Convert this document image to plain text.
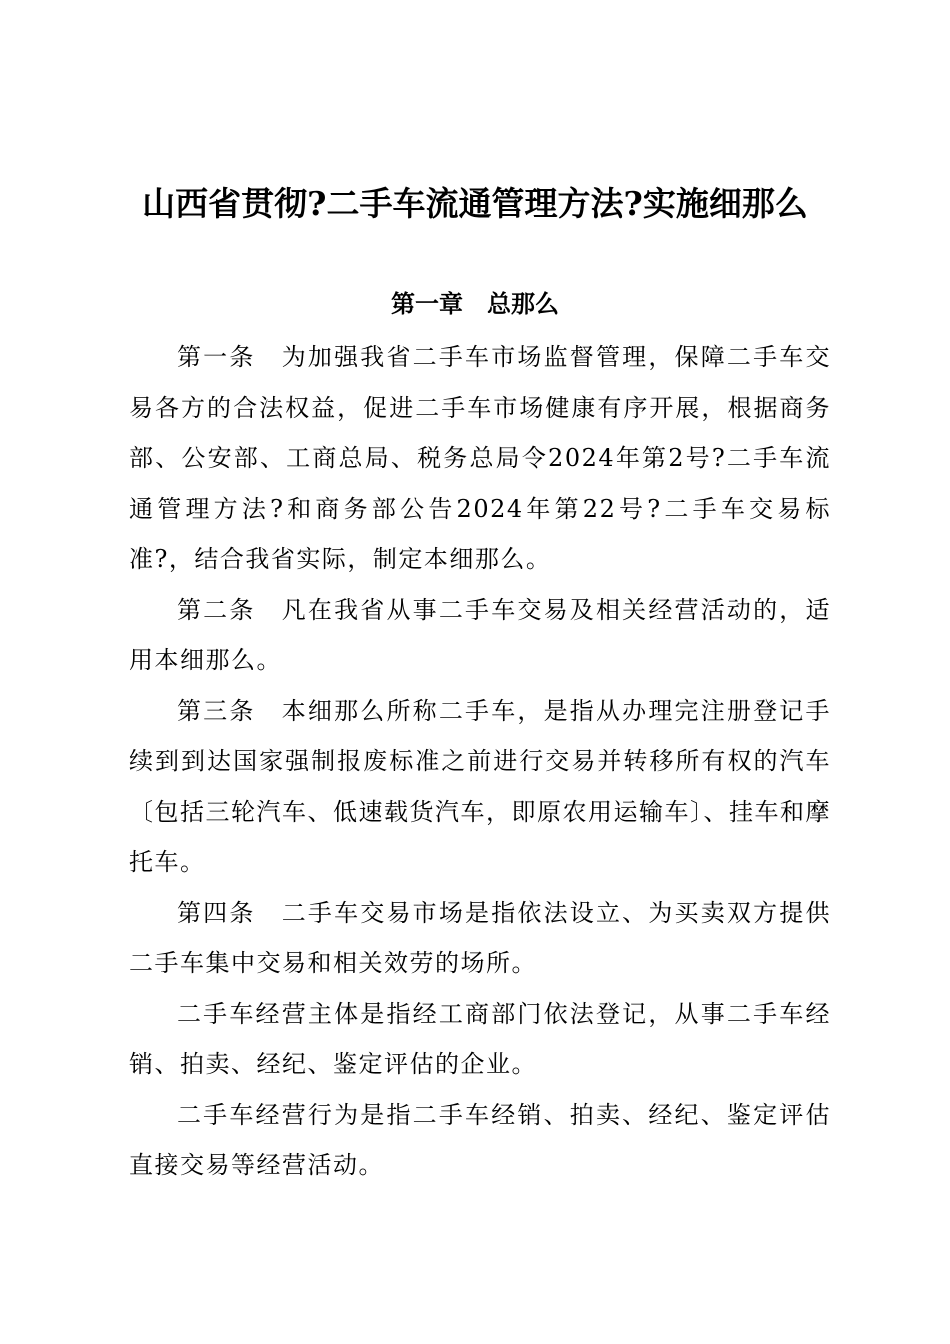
山西省贯彻?二手车流通管理方法?实施细那么
第一章　总那么

第一条　为加强我省二手车市场监督管理，保障二手车交易各方的合法权益，促进二手车市场健康有序开展，根据商务部、公安部、工商总局、税务总局令2024年第2号?二手车流通管理方法?和商务部公告2024年第22号?二手车交易标准?，结合我省实际，制定本细那么。

第二条　凡在我省从事二手车交易及相关经营活动的，适用本细那么。

第三条　本细那么所称二手车，是指从办理完注册登记手续到到达国家强制报废标准之前进行交易并转移所有权的汽车〔包括三轮汽车、低速载货汽车，即原农用运输车〕、挂车和摩托车。

第四条　二手车交易市场是指依法设立、为买卖双方提供二手车集中交易和相关效劳的场所。

二手车经营主体是指经工商部门依法登记，从事二手车经销、拍卖、经纪、鉴定评估的企业。

二手车经营行为是指二手车经销、拍卖、经纪、鉴定评估直接交易等经营活动。
